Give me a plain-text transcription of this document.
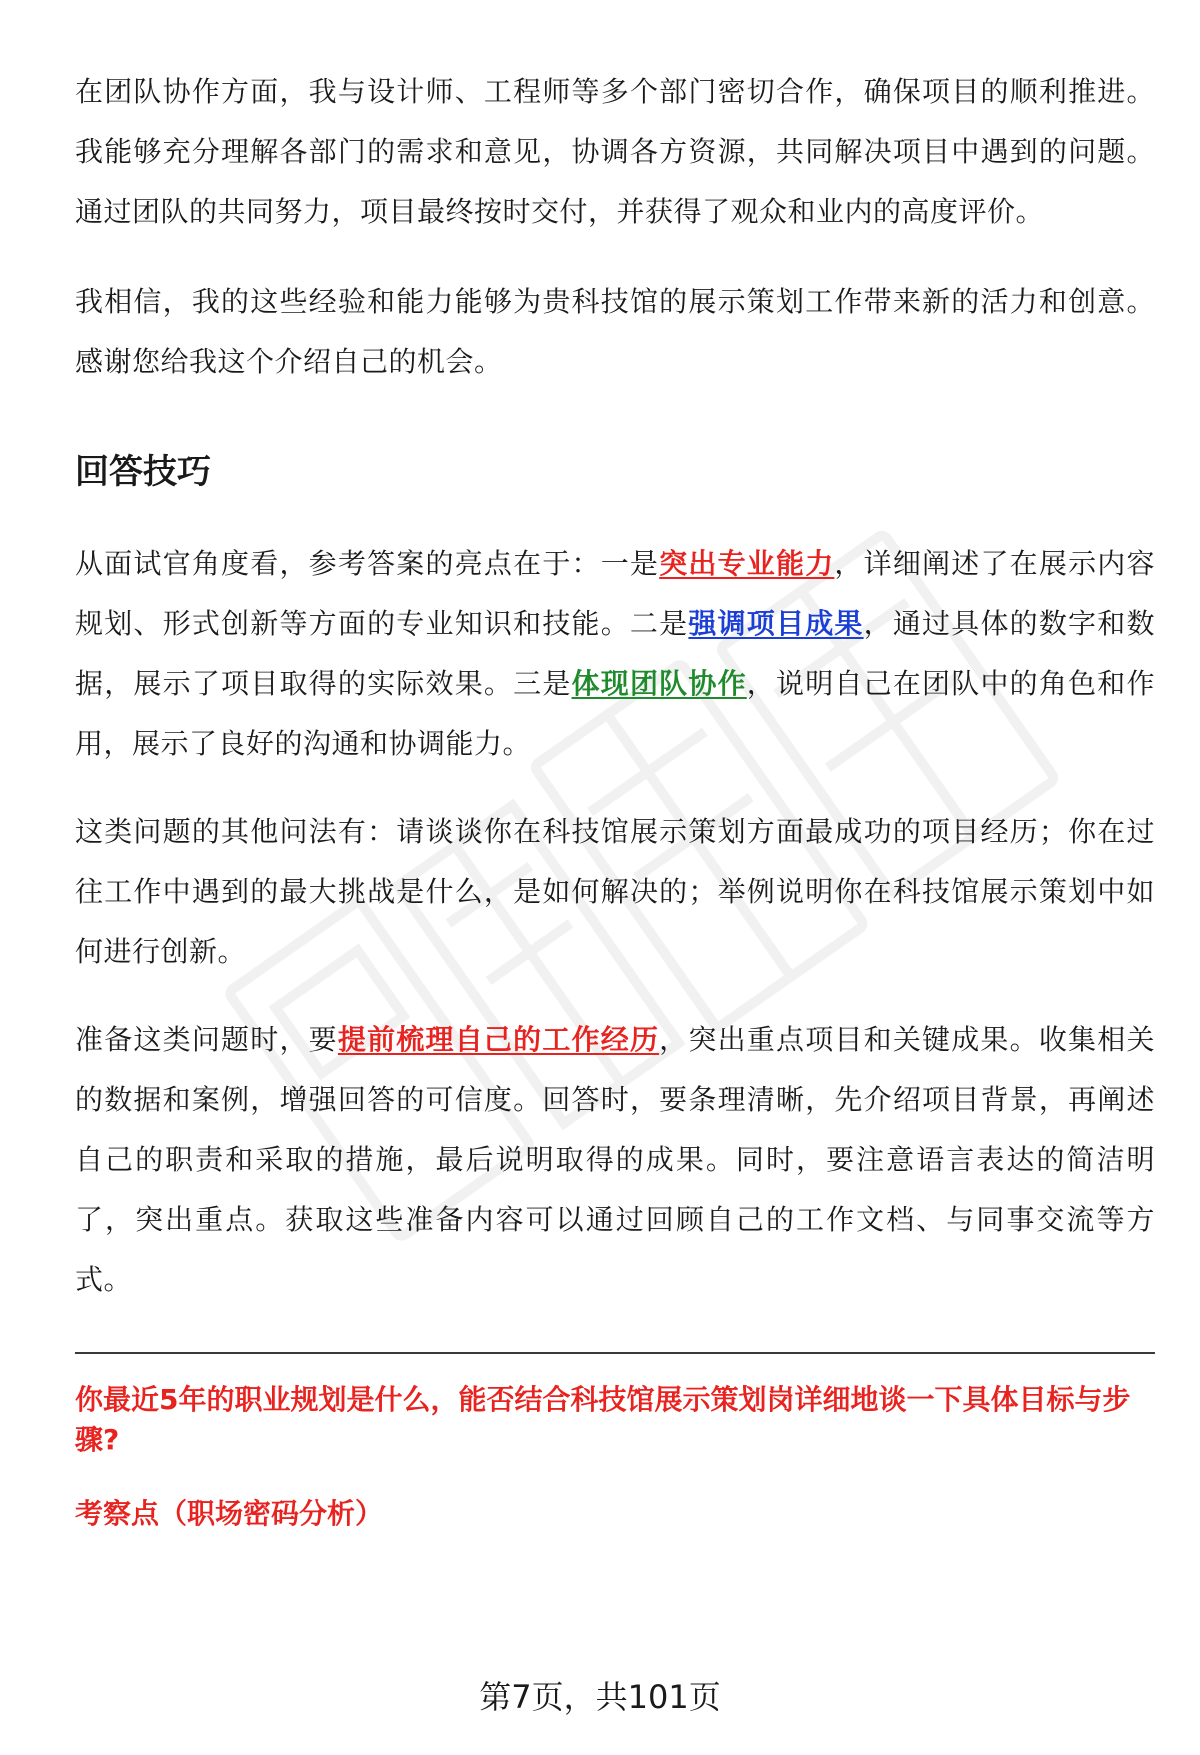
在团队协作方面，我与设计师、工程师等多个部门密切合作，确保项目的顺利推进。我能够充分理解各部门的需求和意见，协调各方资源，共同解决项目中遇到的问题。通过团队的共同努力，项目最终按时交付，并获得了观众和业内的高度评价。

我相信，我的这些经验和能力能够为贵科技馆的展示策划工作带来新的活力和创意。感谢您给我这个介绍自己的机会。

回答技巧

从面试官角度看，参考答案的亮点在于：一是突出专业能力，详细阐述了在展示内容规划、形式创新等方面的专业知识和技能。二是强调项目成果，通过具体的数字和数据，展示了项目取得的实际效果。三是体现团队协作，说明自己在团队中的角色和作用，展示了良好的沟通和协调能力。

这类问题的其他问法有：请谈谈你在科技馆展示策划方面最成功的项目经历；你在过往工作中遇到的最大挑战是什么，是如何解决的；举例说明你在科技馆展示策划中如何进行创新。

准备这类问题时，要提前梳理自己的工作经历，突出重点项目和关键成果。收集相关的数据和案例，增强回答的可信度。回答时，要条理清晰，先介绍项目背景，再阐述自己的职责和采取的措施，最后说明取得的成果。同时，要注意语言表达的简洁明了，突出重点。获取这些准备内容可以通过回顾自己的工作文档、与同事交流等方式。

你最近5年的职业规划是什么，能否结合科技馆展示策划岗详细地谈一下具体目标与步骤?

考察点（职场密码分析）

第7页，共101页
